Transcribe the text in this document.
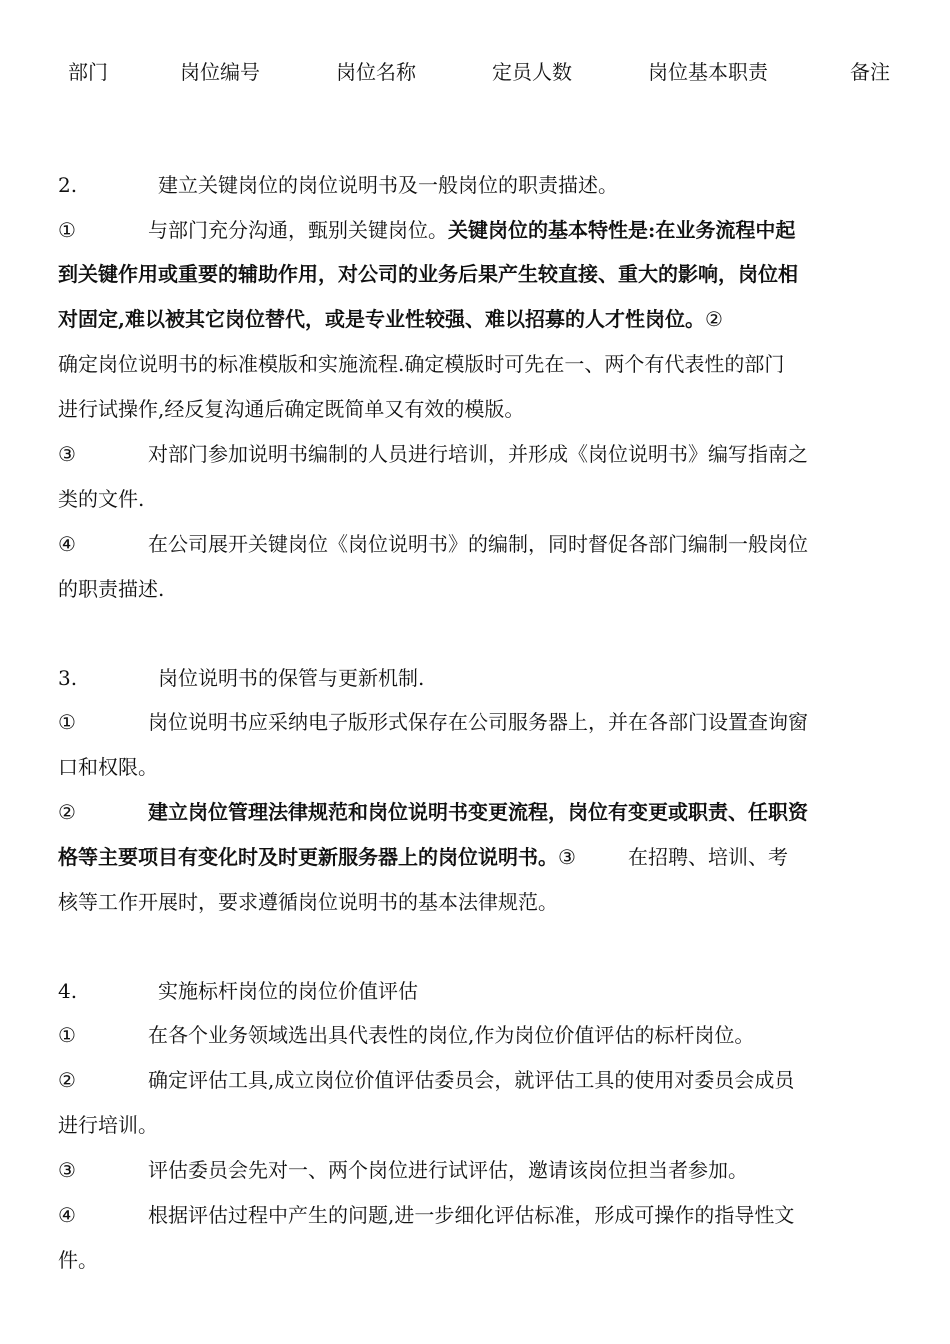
部门	岗位编号	岗位名称	定员人数	岗位基本职责	备注
2.	建立关键岗位的岗位说明书及一般岗位的职责描述。
①	与部门充分沟通，甄别关键岗位。关键岗位的基本特性是:在业务流程中起
到关键作用或重要的辅助作用，对公司的业务后果产生较直接、重大的影响，岗位相
对固定,难以被其它岗位替代，或是专业性较强、难以招募的人才性岗位。②
确定岗位说明书的标准模版和实施流程.确定模版时可先在一、两个有代表性的部门
进行试操作,经反复沟通后确定既简单又有效的模版。
③	对部门参加说明书编制的人员进行培训，并形成《岗位说明书》编写指南之
类的文件.
④	在公司展开关键岗位《岗位说明书》的编制，同时督促各部门编制一般岗位
的职责描述.
3.	岗位说明书的保管与更新机制.
①	岗位说明书应采纳电子版形式保存在公司服务器上，并在各部门设置查询窗
口和权限。
②	建立岗位管理法律规范和岗位说明书变更流程，岗位有变更或职责、任职资
格等主要项目有变化时及时更新服务器上的岗位说明书。③	在招聘、培训、考
核等工作开展时，要求遵循岗位说明书的基本法律规范。
4.	实施标杆岗位的岗位价值评估
①	在各个业务领域选出具代表性的岗位,作为岗位价值评估的标杆岗位。
②	确定评估工具,成立岗位价值评估委员会，就评估工具的使用对委员会成员
进行培训。
③	评估委员会先对一、两个岗位进行试评估，邀请该岗位担当者参加。
④	根据评估过程中产生的问题,进一步细化评估标准，形成可操作的指导性文
件。
